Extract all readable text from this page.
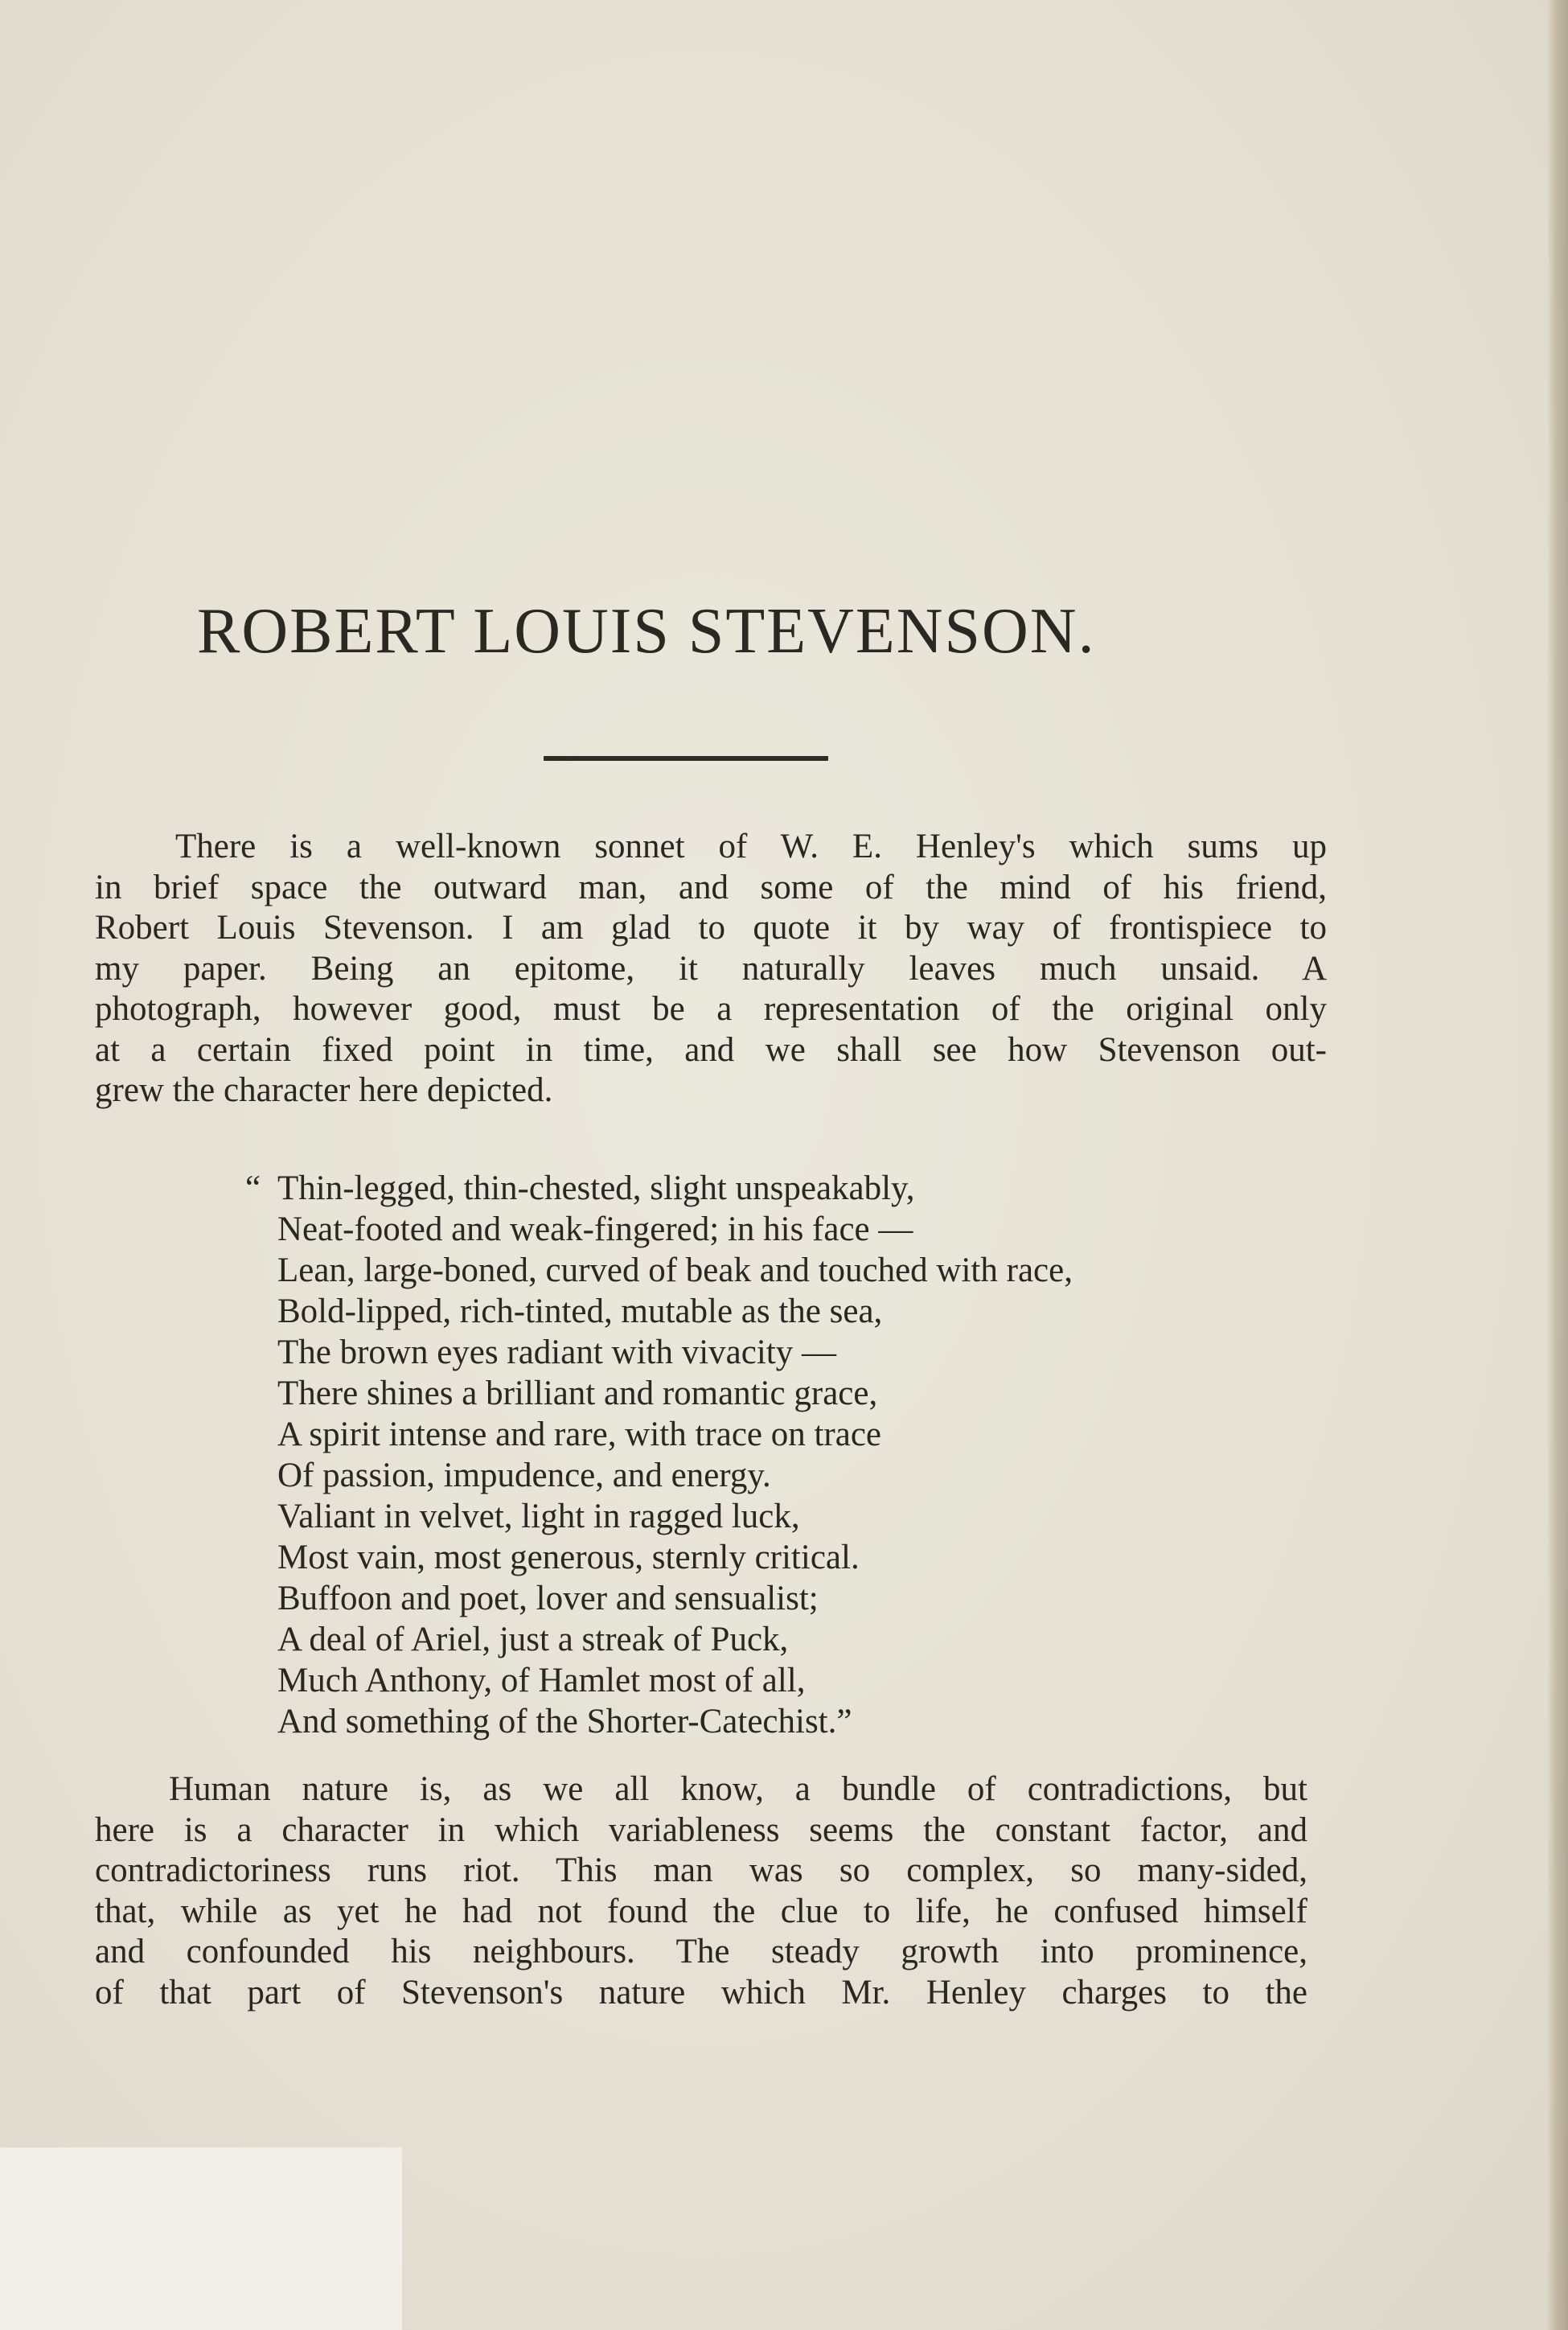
ROBERT LOUIS STEVENSON.
There is a well-known sonnet of W. E. Henley's which sums up
in brief space the outward man, and some of the mind of his friend,
Robert Louis Stevenson. I am glad to quote it by way of frontispiece to
my paper. Being an epitome, it naturally leaves much unsaid. A
photograph, however good, must be a representation of the original only
at a certain fixed point in time, and we shall see how Stevenson out-
grew the character here depicted.
“ Thin-legged, thin-chested, slight unspeakably,
Neat-footed and weak-fingered; in his face —
Lean, large-boned, curved of beak and touched with race,
Bold-lipped, rich-tinted, mutable as the sea,
The brown eyes radiant with vivacity —
There shines a brilliant and romantic grace,
A spirit intense and rare, with trace on trace
Of passion, impudence, and energy.
Valiant in velvet, light in ragged luck,
Most vain, most generous, sternly critical.
Buffoon and poet, lover and sensualist;
A deal of Ariel, just a streak of Puck,
Much Anthony, of Hamlet most of all,
And something of the Shorter-Catechist.”
Human nature is, as we all know, a bundle of contradictions, but
here is a character in which variableness seems the constant factor, and
contradictoriness runs riot. This man was so complex, so many-sided,
that, while as yet he had not found the clue to life, he confused himself
and confounded his neighbours. The steady growth into prominence,
of that part of Stevenson's nature which Mr. Henley charges to the
